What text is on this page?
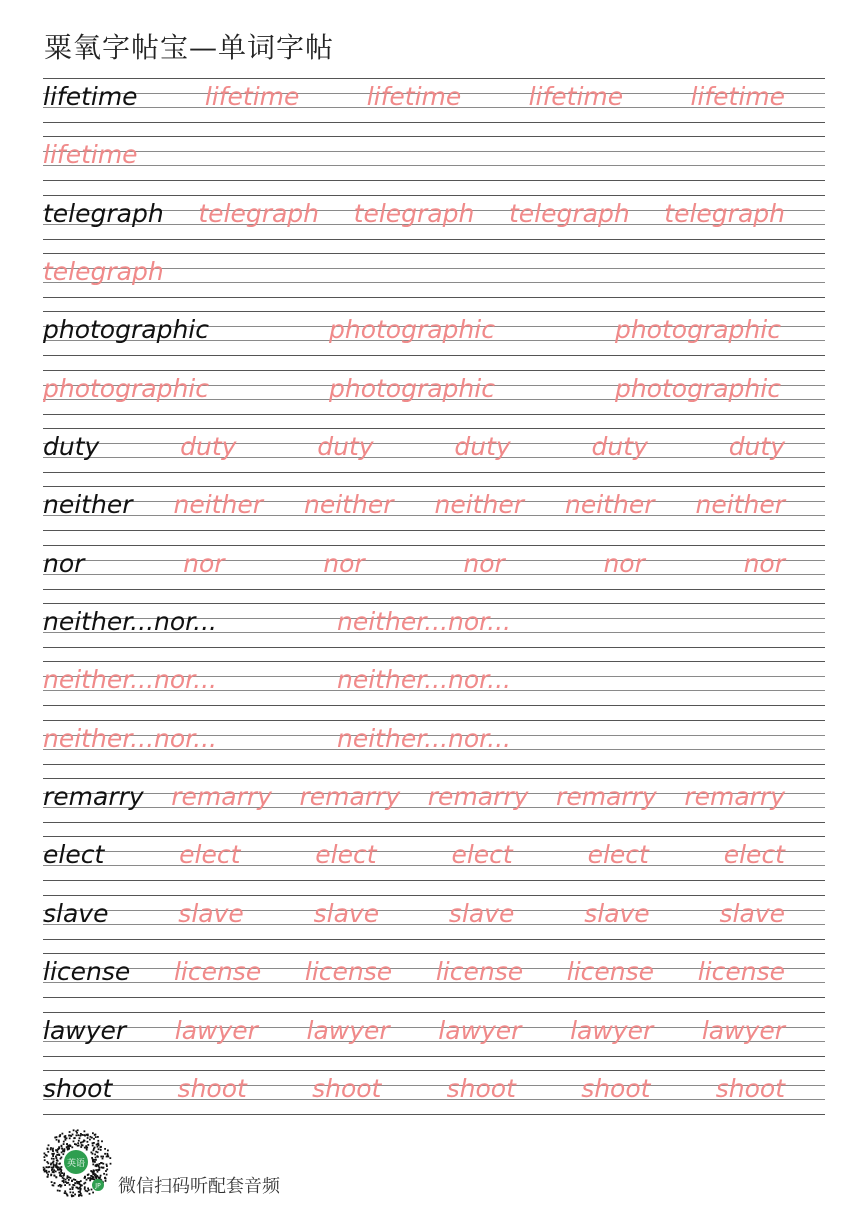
粟氧字帖宝—单词字帖
lifetime	lifetime	lifetime	lifetime	lifetime
lifetime
telegraph telegraph telegraph telegraph telegraph
telegraph
photographic	photographic	photographic
photographic	photographic	photographic
duty	duty	duty	duty	duty	duty
neither neither neither neither neither neither
nor	nor	nor	nor	nor	nor
neither...nor...	neither...nor...
neither...nor...	neither...nor...
neither...nor...	neither...nor...
remarry remarry remarry remarry remarry remarry
elect	elect	elect	elect	elect	elect
slave	slave	slave	slave	slave	slave
license license license license license license
lawyer lawyer lawyer lawyer lawyer lawyer
shoot	shoot	shoot	shoot	shoot	shoot
英语
JP 微信扫码听配套音频
